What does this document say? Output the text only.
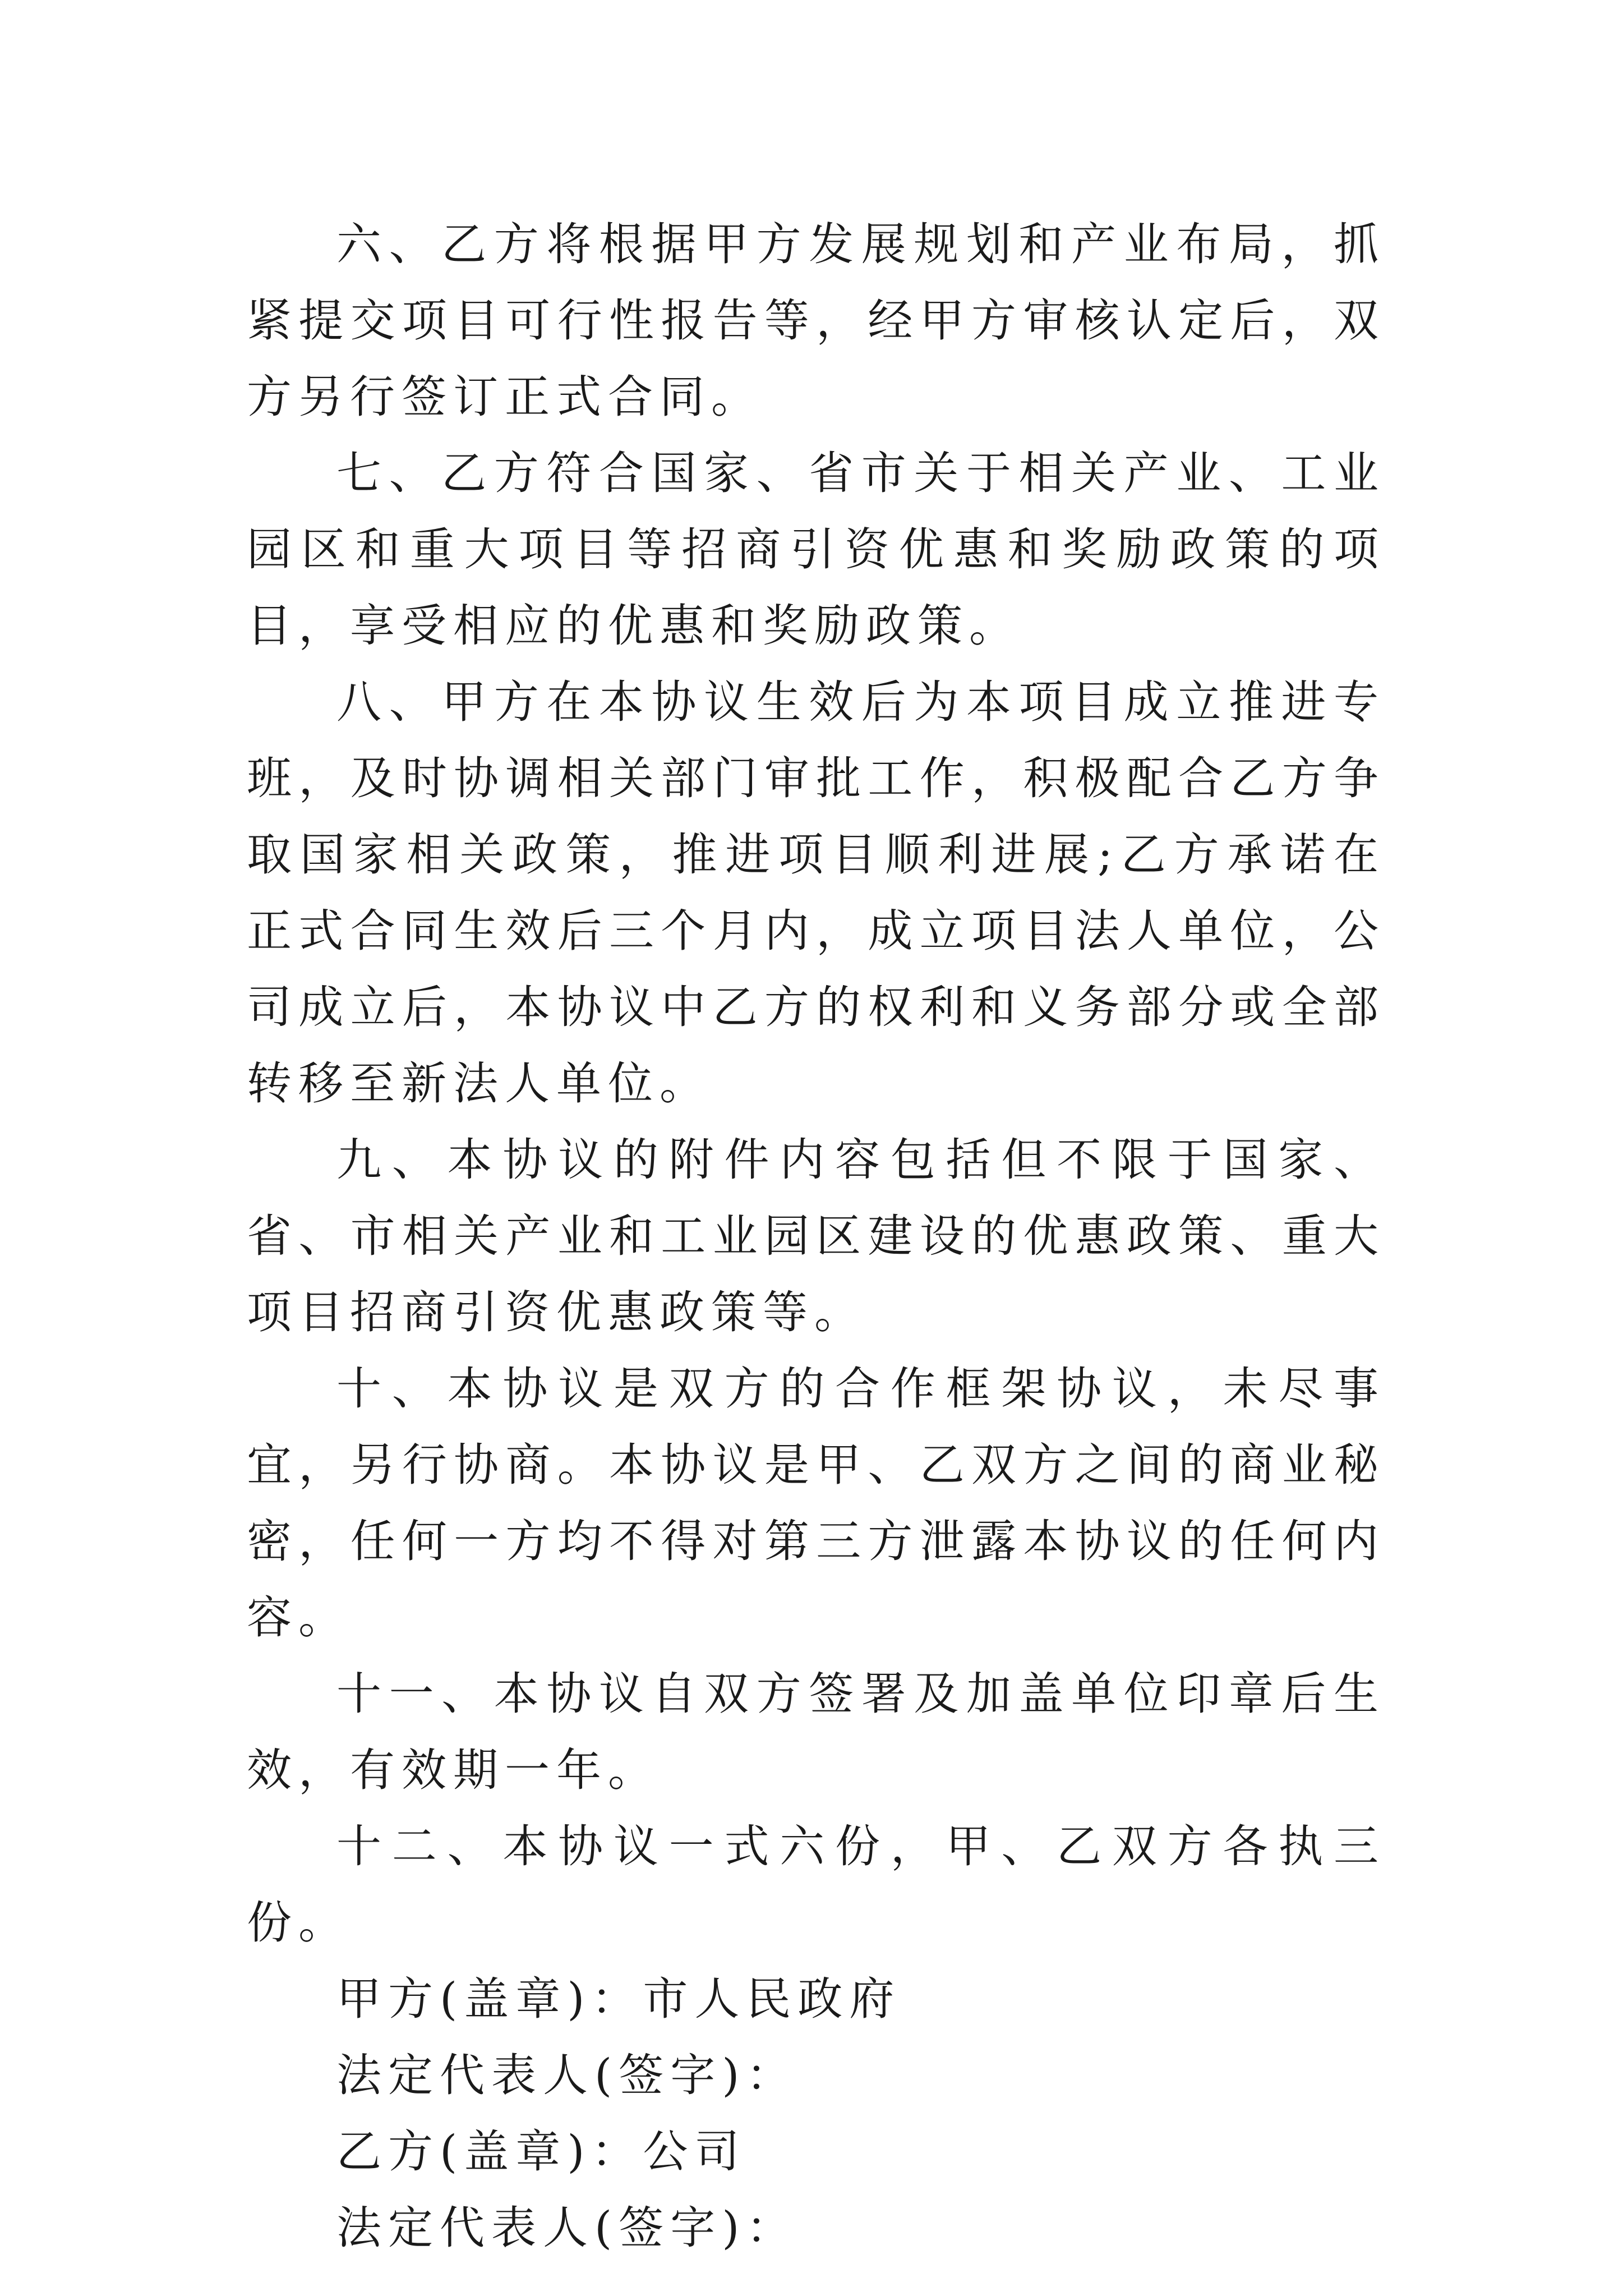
六、乙方将根据甲方发展规划和产业布局，抓紧提交项目可行性报告等，经甲方审核认定后，双方另行签订正式合同。

七、乙方符合国家、省市关于相关产业、工业园区和重大项目等招商引资优惠和奖励政策的项目，享受相应的优惠和奖励政策。

八、甲方在本协议生效后为本项目成立推进专班，及时协调相关部门审批工作，积极配合乙方争取国家相关政策，推进项目顺利进展;乙方承诺在正式合同生效后三个月内，成立项目法人单位，公司成立后，本协议中乙方的权利和义务部分或全部转移至新法人单位。

九、本协议的附件内容包括但不限于国家、省、市相关产业和工业园区建设的优惠政策、重大项目招商引资优惠政策等。

十、本协议是双方的合作框架协议，未尽事宜，另行协商。本协议是甲、乙双方之间的商业秘密，任何一方均不得对第三方泄露本协议的任何内容。

十一、本协议自双方签署及加盖单位印章后生效，有效期一年。

十二、本协议一式六份，甲、乙双方各执三份。

甲方(盖章)：市人民政府

法定代表人(签字)：

乙方(盖章)：公司

法定代表人(签字)：
